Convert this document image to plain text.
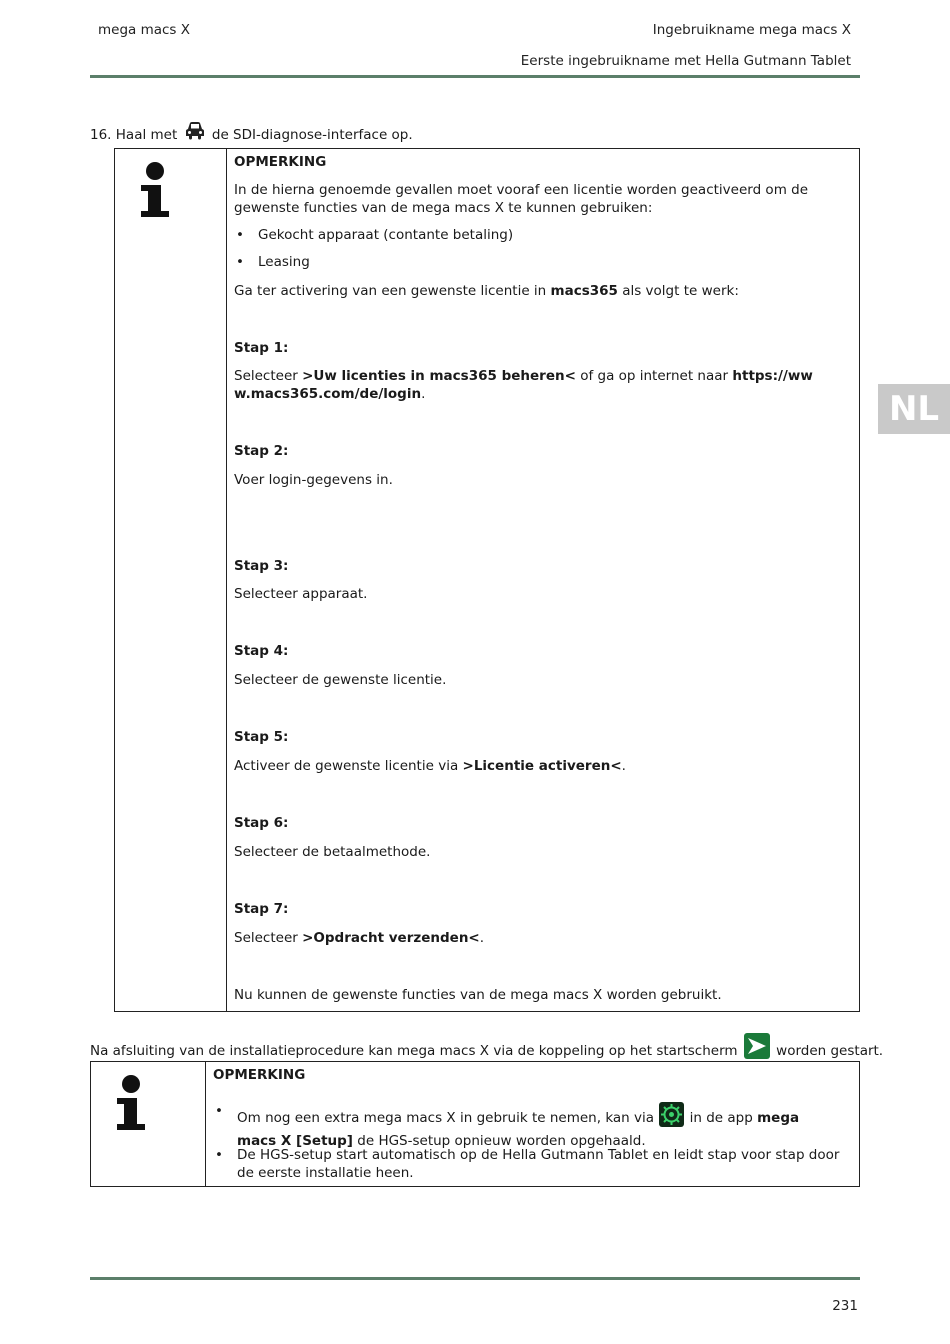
mega macs X	Ingebruikname mega macs X
Eerste ingebruikname met Hella Gutmann Tablet
NL
16. Haal met	de SDI-diagnose-interface op.
OPMERKING
In de hierna genoemde gevallen moet vooraf een licentie worden geactiveerd om de gewenste functies van de mega macs X te kunnen gebruiken:
• Gekocht apparaat (contante betaling)
• Leasing
Ga ter activering van een gewenste licentie in macs365 als volgt te werk:
Stap 1:
Selecteer >Uw licenties in macs365 beheren< of ga op internet naar https://www.macs365.com/de/login.
Stap 2:
Voer login-gegevens in.
Stap 3:
Selecteer apparaat.
Stap 4:
Selecteer de gewenste licentie.
Stap 5:
Activeer de gewenste licentie via >Licentie activeren<.
Stap 6:
Selecteer de betaalmethode.
Stap 7:
Selecteer >Opdracht verzenden<.
Nu kunnen de gewenste functies van de mega macs X worden gebruikt.
Na afsluiting van de installatieprocedure kan mega macs X via de koppeling op het startscherm	worden gestart.
OPMERKING
• Om nog een extra mega macs X in gebruik te nemen, kan via	in de app mega macs X [Setup] de HGS-setup opnieuw worden opgehaald.
• De HGS-setup start automatisch op de Hella Gutmann Tablet en leidt stap voor stap door de eerste installatie heen.
231
